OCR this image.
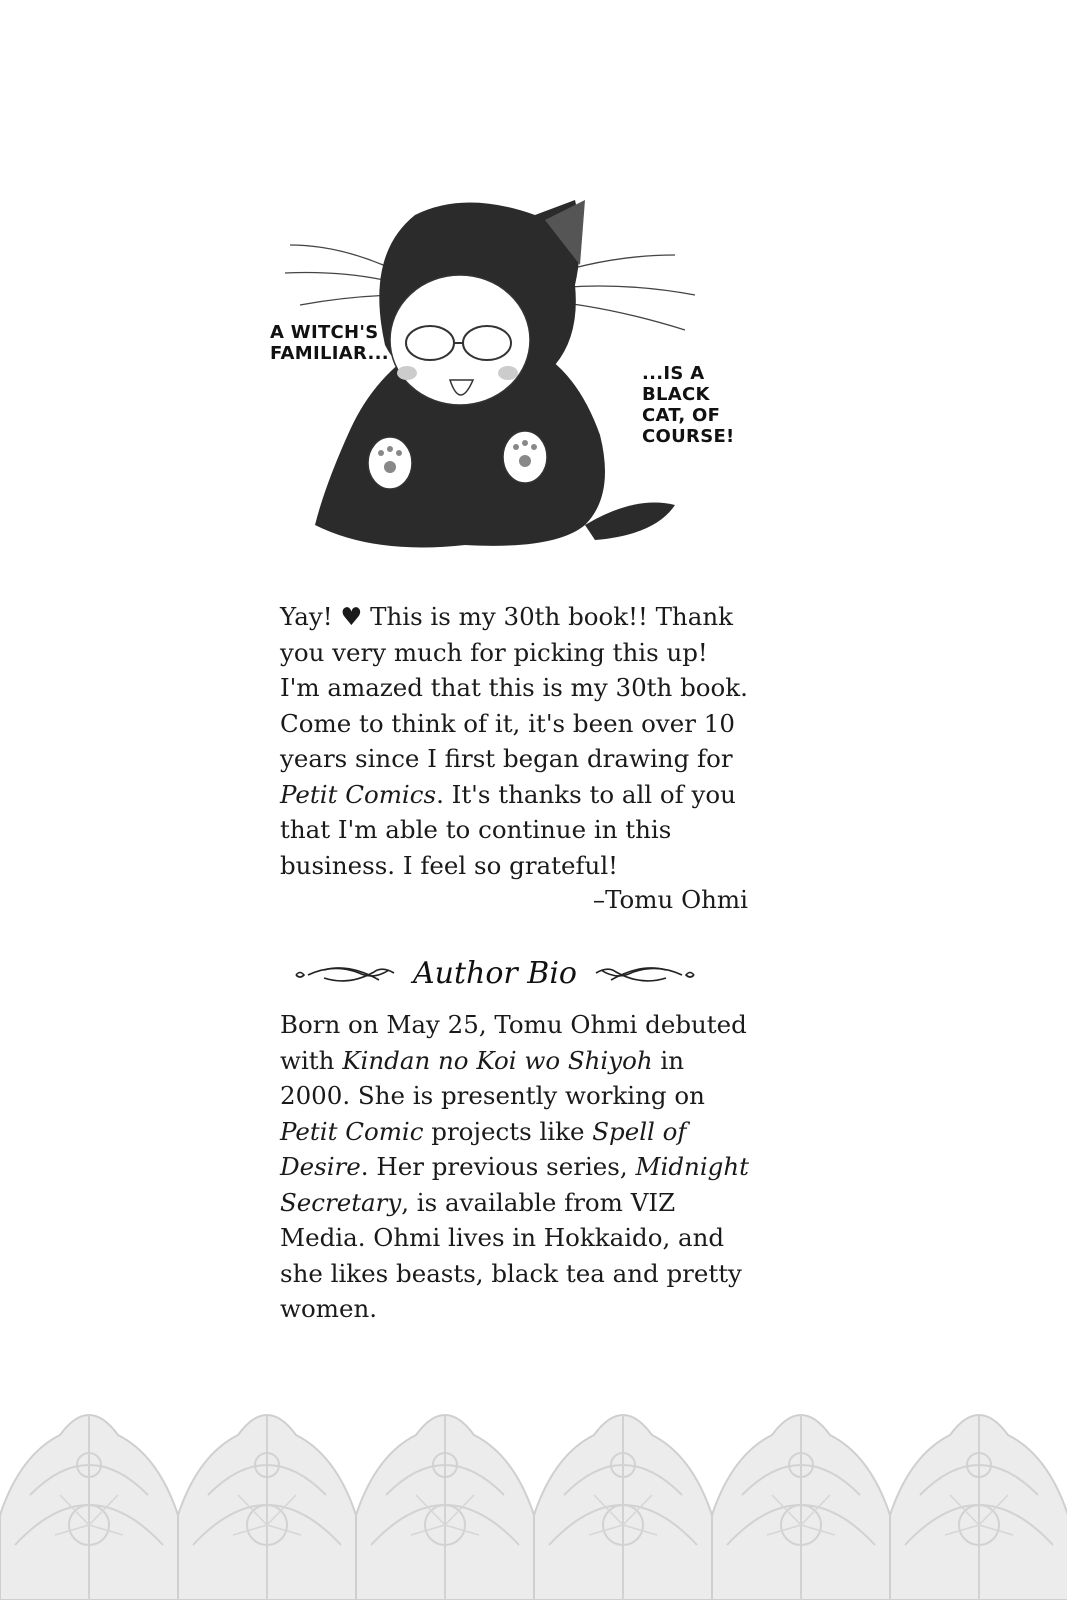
A WITCH'S
FAMILIAR...
...IS A
BLACK
CAT, OF
COURSE!

Yay! ♥ This is my 30th book!! Thank you very much for picking this up! I'm amazed that this is my 30th book. Come to think of it, it's been over 10 years since I first began drawing for Petit Comics. It's thanks to all of you that I'm able to continue in this business. I feel so grateful!

–Tomu Ohmi
Author Bio

Born on May 25, Tomu Ohmi debuted with Kindan no Koi wo Shiyoh in 2000. She is presently working on Petit Comic projects like Spell of Desire. Her previous series, Midnight Secretary, is available from VIZ Media. Ohmi lives in Hokkaido, and she likes beasts, black tea and pretty women.
